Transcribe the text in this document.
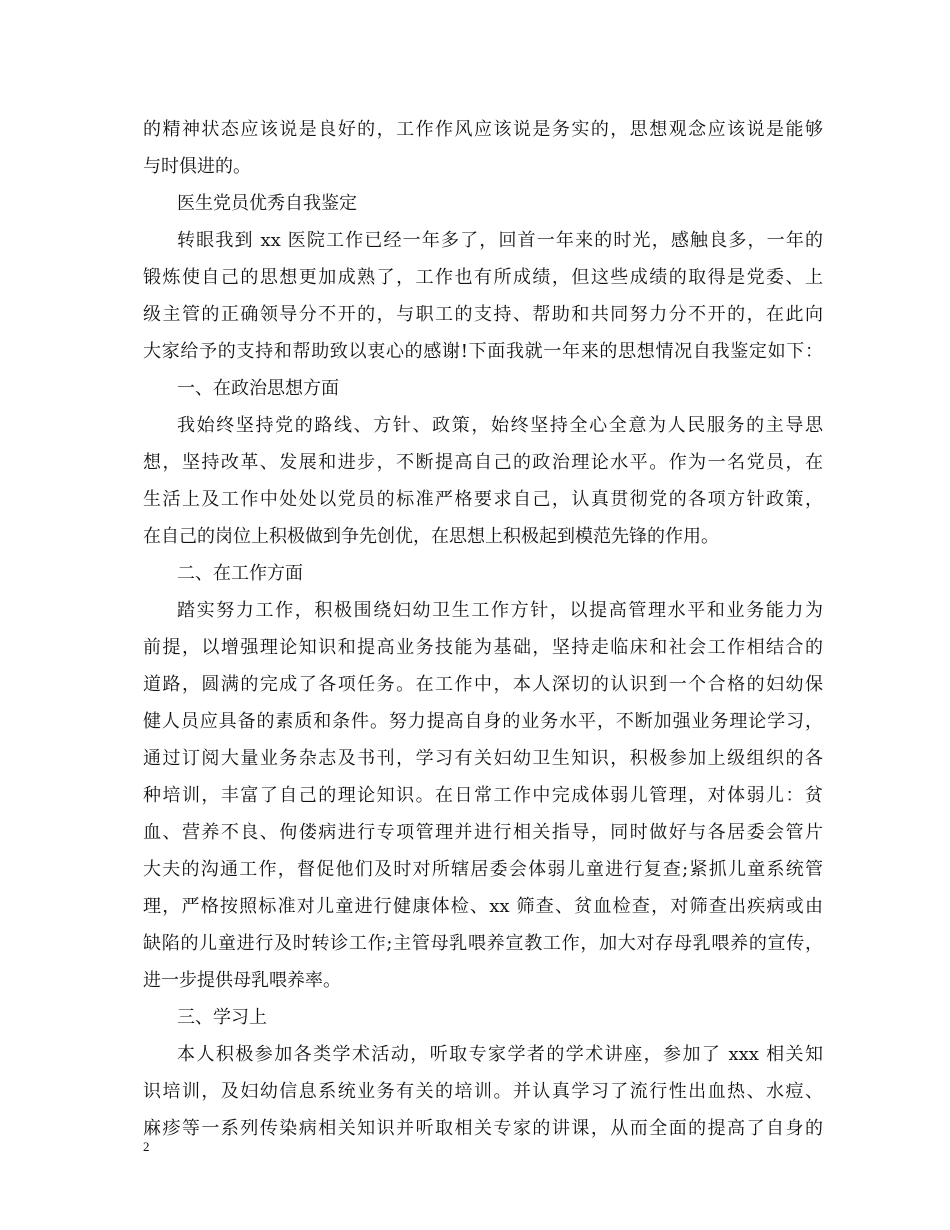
的精神状态应该说是良好的，工作作风应该说是务实的，思想观念应该说是能够
与时俱进的。
医生党员优秀自我鉴定
转眼我到 xx 医院工作已经一年多了，回首一年来的时光，感触良多，一年的
锻炼使自己的思想更加成熟了，工作也有所成绩，但这些成绩的取得是党委、上
级主管的正确领导分不开的，与职工的支持、帮助和共同努力分不开的，在此向
大家给予的支持和帮助致以衷心的感谢!下面我就一年来的思想情况自我鉴定如下：
一、在政治思想方面
我始终坚持党的路线、方针、政策，始终坚持全心全意为人民服务的主导思
想，坚持改革、发展和进步，不断提高自己的政治理论水平。作为一名党员，在
生活上及工作中处处以党员的标准严格要求自己，认真贯彻党的各项方针政策，
在自己的岗位上积极做到争先创优，在思想上积极起到模范先锋的作用。
二、在工作方面
踏实努力工作，积极围绕妇幼卫生工作方针，以提高管理水平和业务能力为
前提，以增强理论知识和提高业务技能为基础，坚持走临床和社会工作相结合的
道路，圆满的完成了各项任务。在工作中，本人深切的认识到一个合格的妇幼保
健人员应具备的素质和条件。努力提高自身的业务水平，不断加强业务理论学习，
通过订阅大量业务杂志及书刊，学习有关妇幼卫生知识，积极参加上级组织的各
种培训，丰富了自己的理论知识。在日常工作中完成体弱儿管理，对体弱儿：贫
血、营养不良、佝偻病进行专项管理并进行相关指导，同时做好与各居委会管片
大夫的沟通工作，督促他们及时对所辖居委会体弱儿童进行复查;紧抓儿童系统管
理，严格按照标准对儿童进行健康体检、xx 筛查、贫血检查，对筛查出疾病或由
缺陷的儿童进行及时转诊工作;主管母乳喂养宣教工作，加大对存母乳喂养的宣传，
进一步提供母乳喂养率。
三、学习上
本人积极参加各类学术活动，听取专家学者的学术讲座，参加了 xxx 相关知
识培训，及妇幼信息系统业务有关的培训。并认真学习了流行性出血热、水痘、
麻疹等一系列传染病相关知识并听取相关专家的讲课，从而全面的提高了自身的
2
